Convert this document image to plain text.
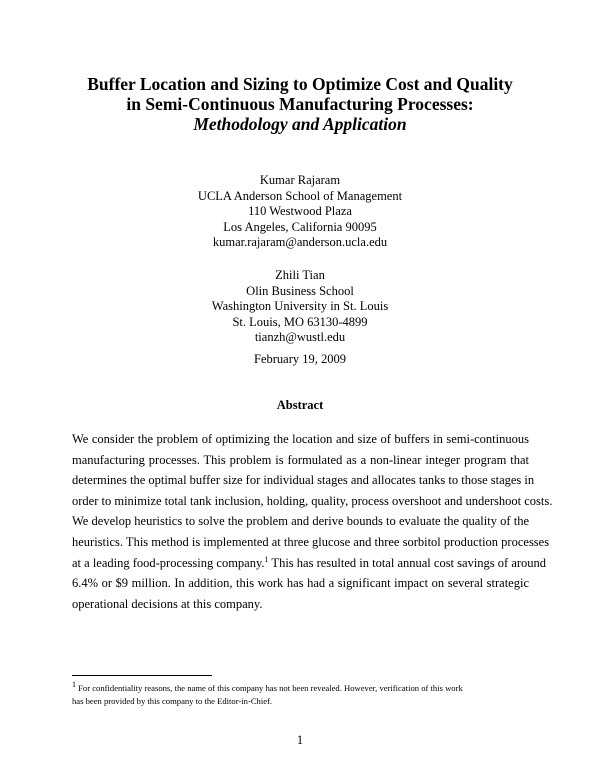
Buffer Location and Sizing to Optimize Cost and Quality
in Semi-Continuous Manufacturing Processes:
Methodology and Application
Kumar Rajaram
UCLA Anderson School of Management
110 Westwood Plaza
Los Angeles, California 90095
kumar.rajaram@anderson.ucla.edu
Zhili Tian
Olin Business School
Washington University in St. Louis
St. Louis, MO 63130-4899
tianzh@wustl.edu
February 19, 2009
Abstract
We consider the problem of optimizing the location and size of buffers in semi-continuous
manufacturing processes. This problem is formulated as a non-linear integer program that
determines the optimal buffer size for individual stages and allocates tanks to those stages in
order to minimize total tank inclusion, holding, quality, process overshoot and undershoot costs.
We develop heuristics to solve the problem and derive bounds to evaluate the quality of the
heuristics. This method is implemented at three glucose and three sorbitol production processes
at a leading food-processing company.$^1$ This has resulted in total annual cost savings of around
6.4% or $9 million. In addition, this work has had a significant impact on several strategic
operational decisions at this company.
$^1$ For confidentiality reasons, the name of this company has not been revealed. However, verification of this work
has been provided by this company to the Editor-in-Chief.
1
